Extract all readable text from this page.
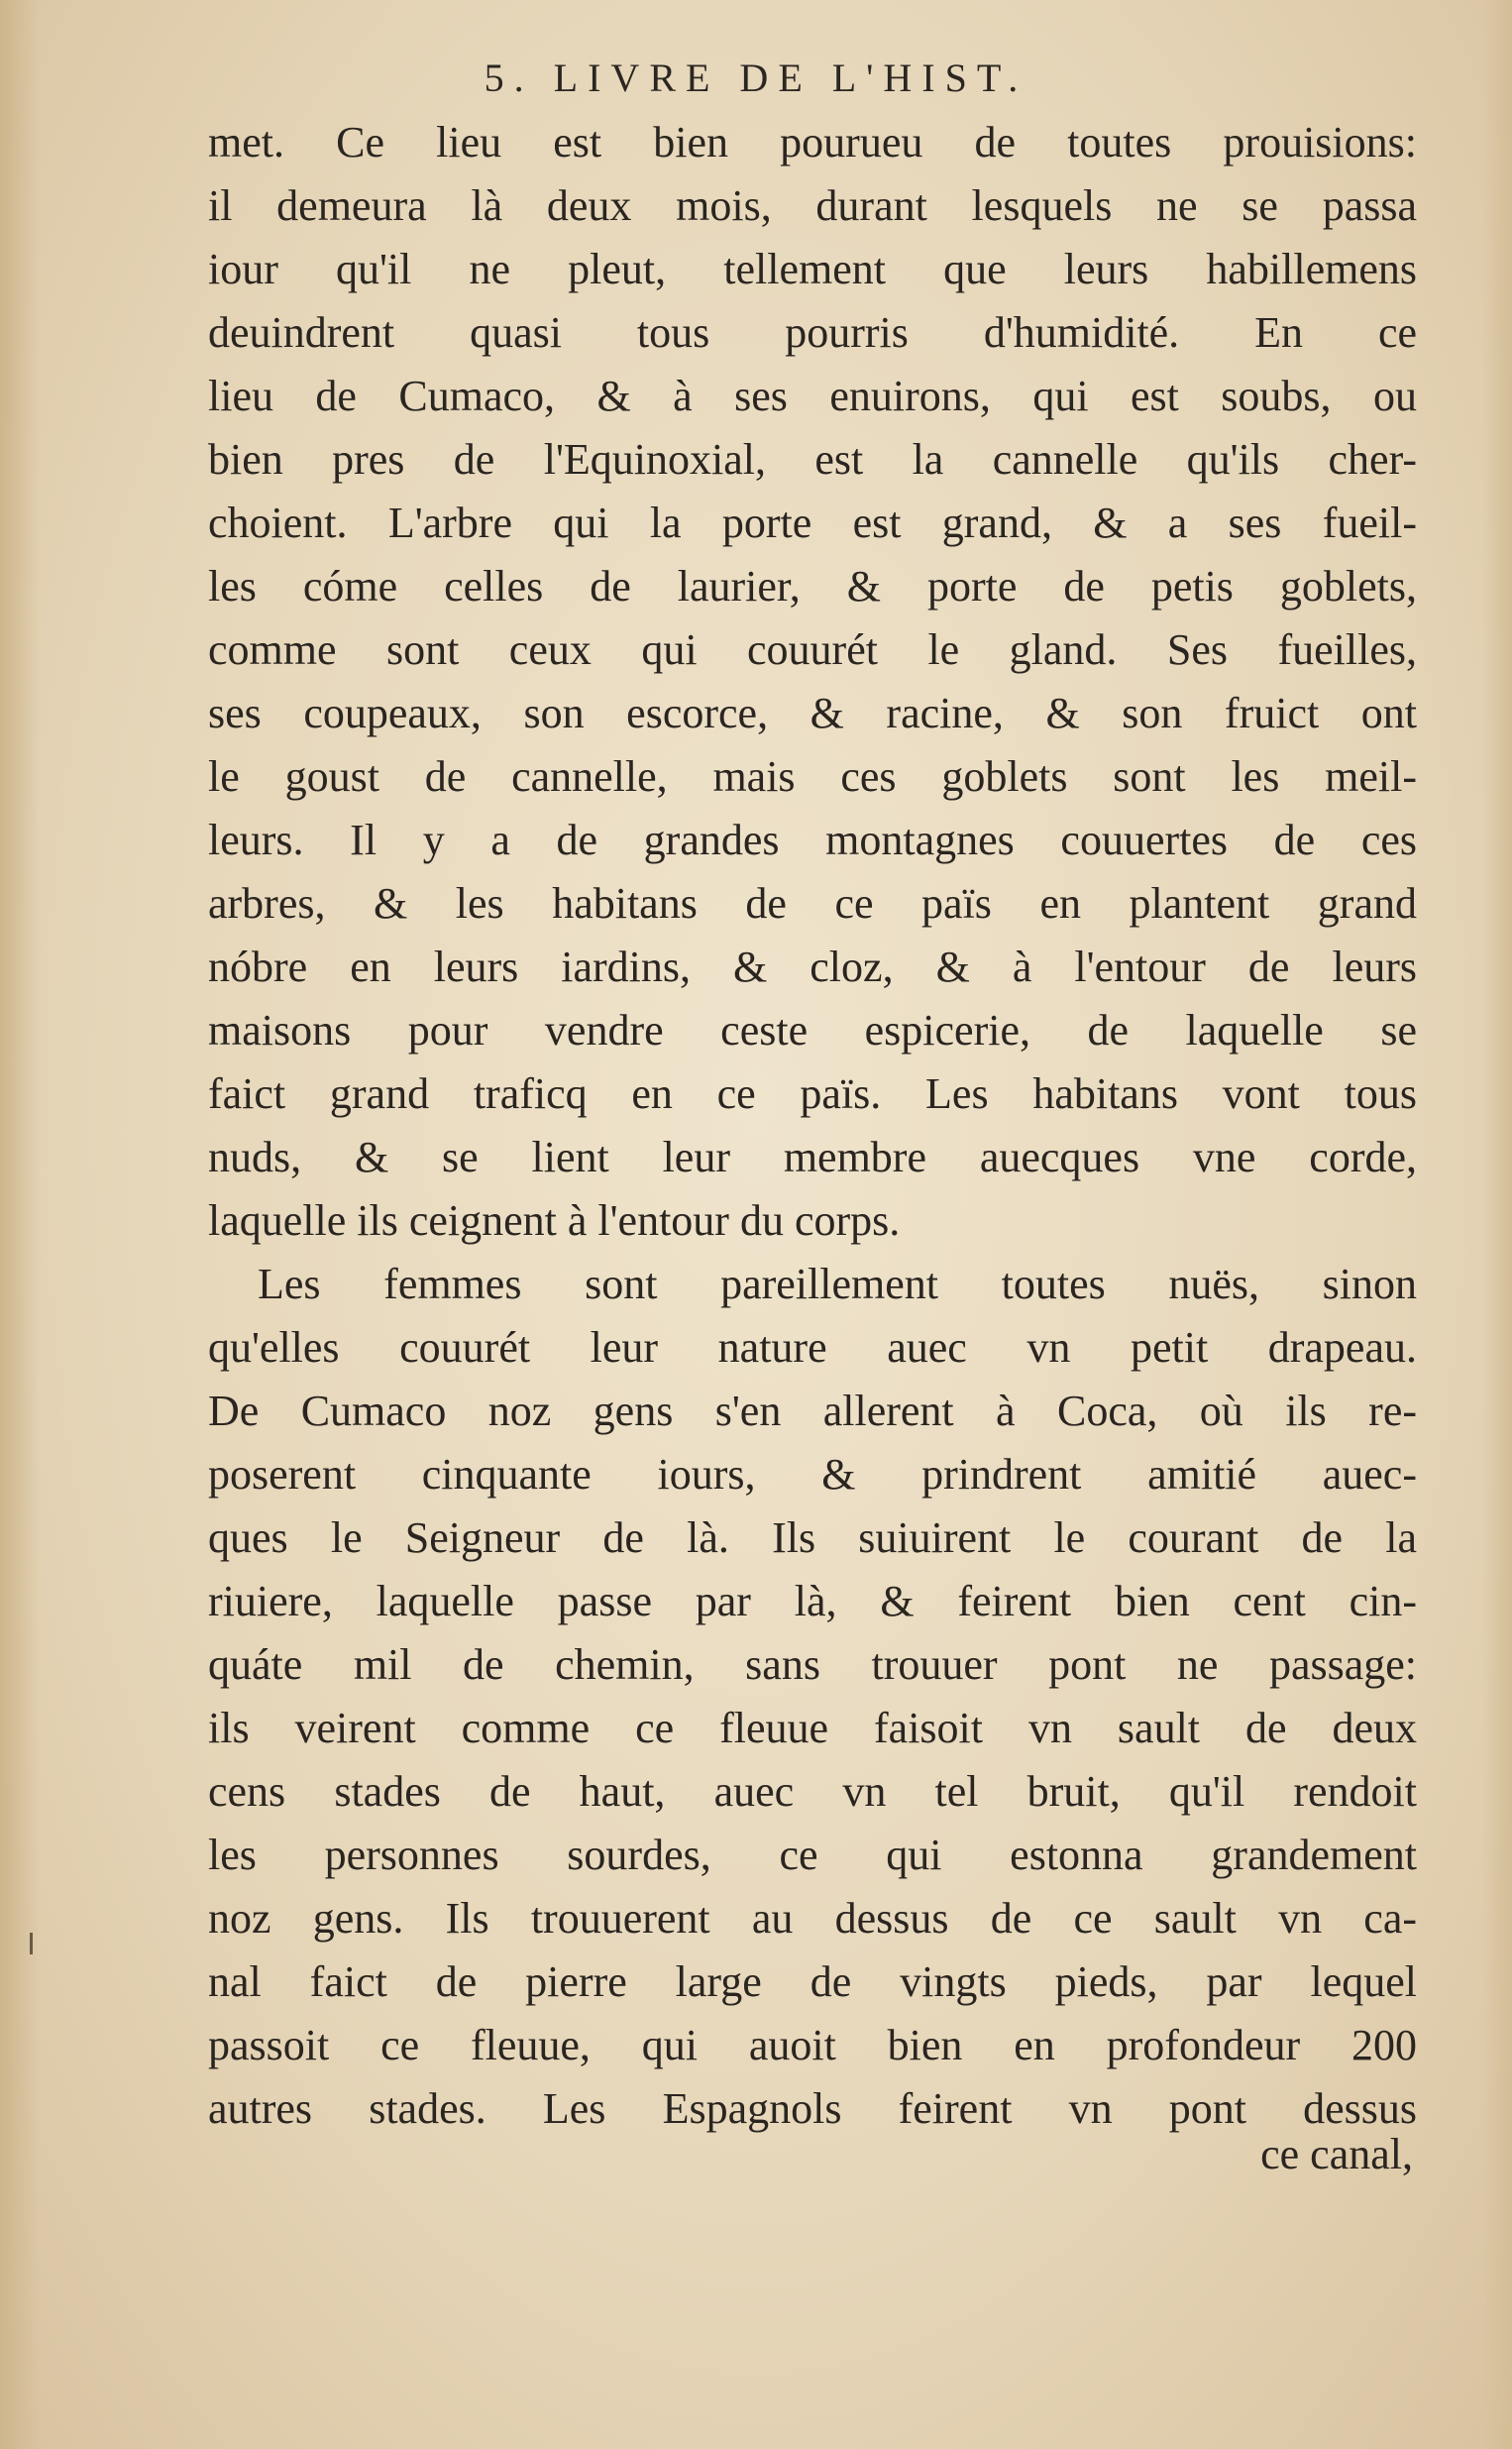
5. LIVRE DE L'HIST.
met. Ce lieu est bien pourueu de toutes prouisions:
il demeura là deux mois, durant lesquels ne se passa
iour qu'il ne pleut, tellement que leurs habillemens
deuindrent quasi tous pourris d'humidité. En ce
lieu de Cumaco, & à ses enuirons, qui est soubs, ou
bien pres de l'Equinoxial, est la cannelle qu'ils cher-
choient. L'arbre qui la porte est grand, & a ses fueil-
les cóme celles de laurier, & porte de petis goblets,
comme sont ceux qui couurét le gland. Ses fueilles,
ses coupeaux, son escorce, & racine, & son fruict ont
le goust de cannelle, mais ces goblets sont les meil-
leurs. Il y a de grandes montagnes couuertes de ces
arbres, & les habitans de ce païs en plantent grand
nóbre en leurs iardins, & cloz, & à l'entour de leurs
maisons pour vendre ceste espicerie, de laquelle se
faict grand traficq en ce païs. Les habitans vont tous
nuds, & se lient leur membre auecques vne corde,
laquelle ils ceignent à l'entour du corps.
Les femmes sont pareillement toutes nuës, sinon
qu'elles couurét leur nature auec vn petit drapeau.
De Cumaco noz gens s'en allerent à Coca, où ils re-
poserent cinquante iours, & prindrent amitié auec-
ques le Seigneur de là. Ils suiuirent le courant de la
riuiere, laquelle passe par là, & feirent bien cent cin-
quáte mil de chemin, sans trouuer pont ne passage:
ils veirent comme ce fleuue faisoit vn sault de deux
cens stades de haut, auec vn tel bruit, qu'il rendoit
les personnes sourdes, ce qui estonna grandement
noz gens. Ils trouuerent au dessus de ce sault vn ca-
nal faict de pierre large de vingts pieds, par lequel
passoit ce fleuue, qui auoit bien en profondeur 200
autres stades. Les Espagnols feirent vn pont dessus
ce canal,
